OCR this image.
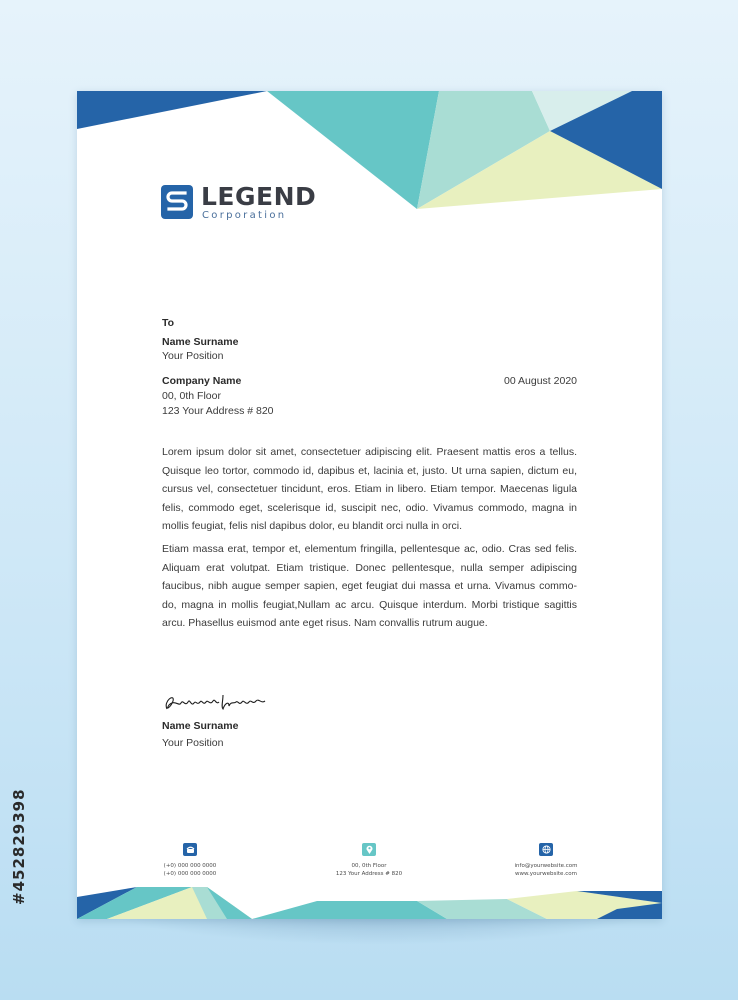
#452829398
LEGEND
Corporation
To
Name Surname
Your Position
Company Name
00, 0th Floor
123 Your Address # 820
00 August 2020

Lorem ipsum dolor sit amet, consectetuer adipiscing elit. Praesent mattis eros a tellus. Quisque leo tortor, commodo id, dapibus et, lacinia et, justo. Ut urna sapien, dictum eu, cursus vel, consectetuer tincidunt, eros. Etiam in libero. Etiam tempor. Maecenas ligula felis, commodo eget, scelerisque id, suscipit nec, odio. Vivamus commodo, magna in mollis feugiat, felis nisl dapibus dolor, eu blandit orci nulla in orci.

Etiam massa erat, tempor et, elementum fringilla, pellentesque ac, odio. Cras sed felis. Aliquam erat volutpat. Etiam tristique. Donec pellentesque, nulla semper adipiscing faucibus, nibh augue semper sapien, eget feugiat dui massa et urna. Vivamus commo-do, magna in mollis feugiat,Nullam ac arcu. Quisque interdum. Morbi tristique sagittis arcu. Phasellus euismod ante eget risus. Nam convallis rutrum augue.

Name Surname
Your Position
(+0) 000 000 0000
(+0) 000 000 0000
00, 0th Floor
123 Your Address # 820
info@yourwebsite.com
www.yourwebsite.com
